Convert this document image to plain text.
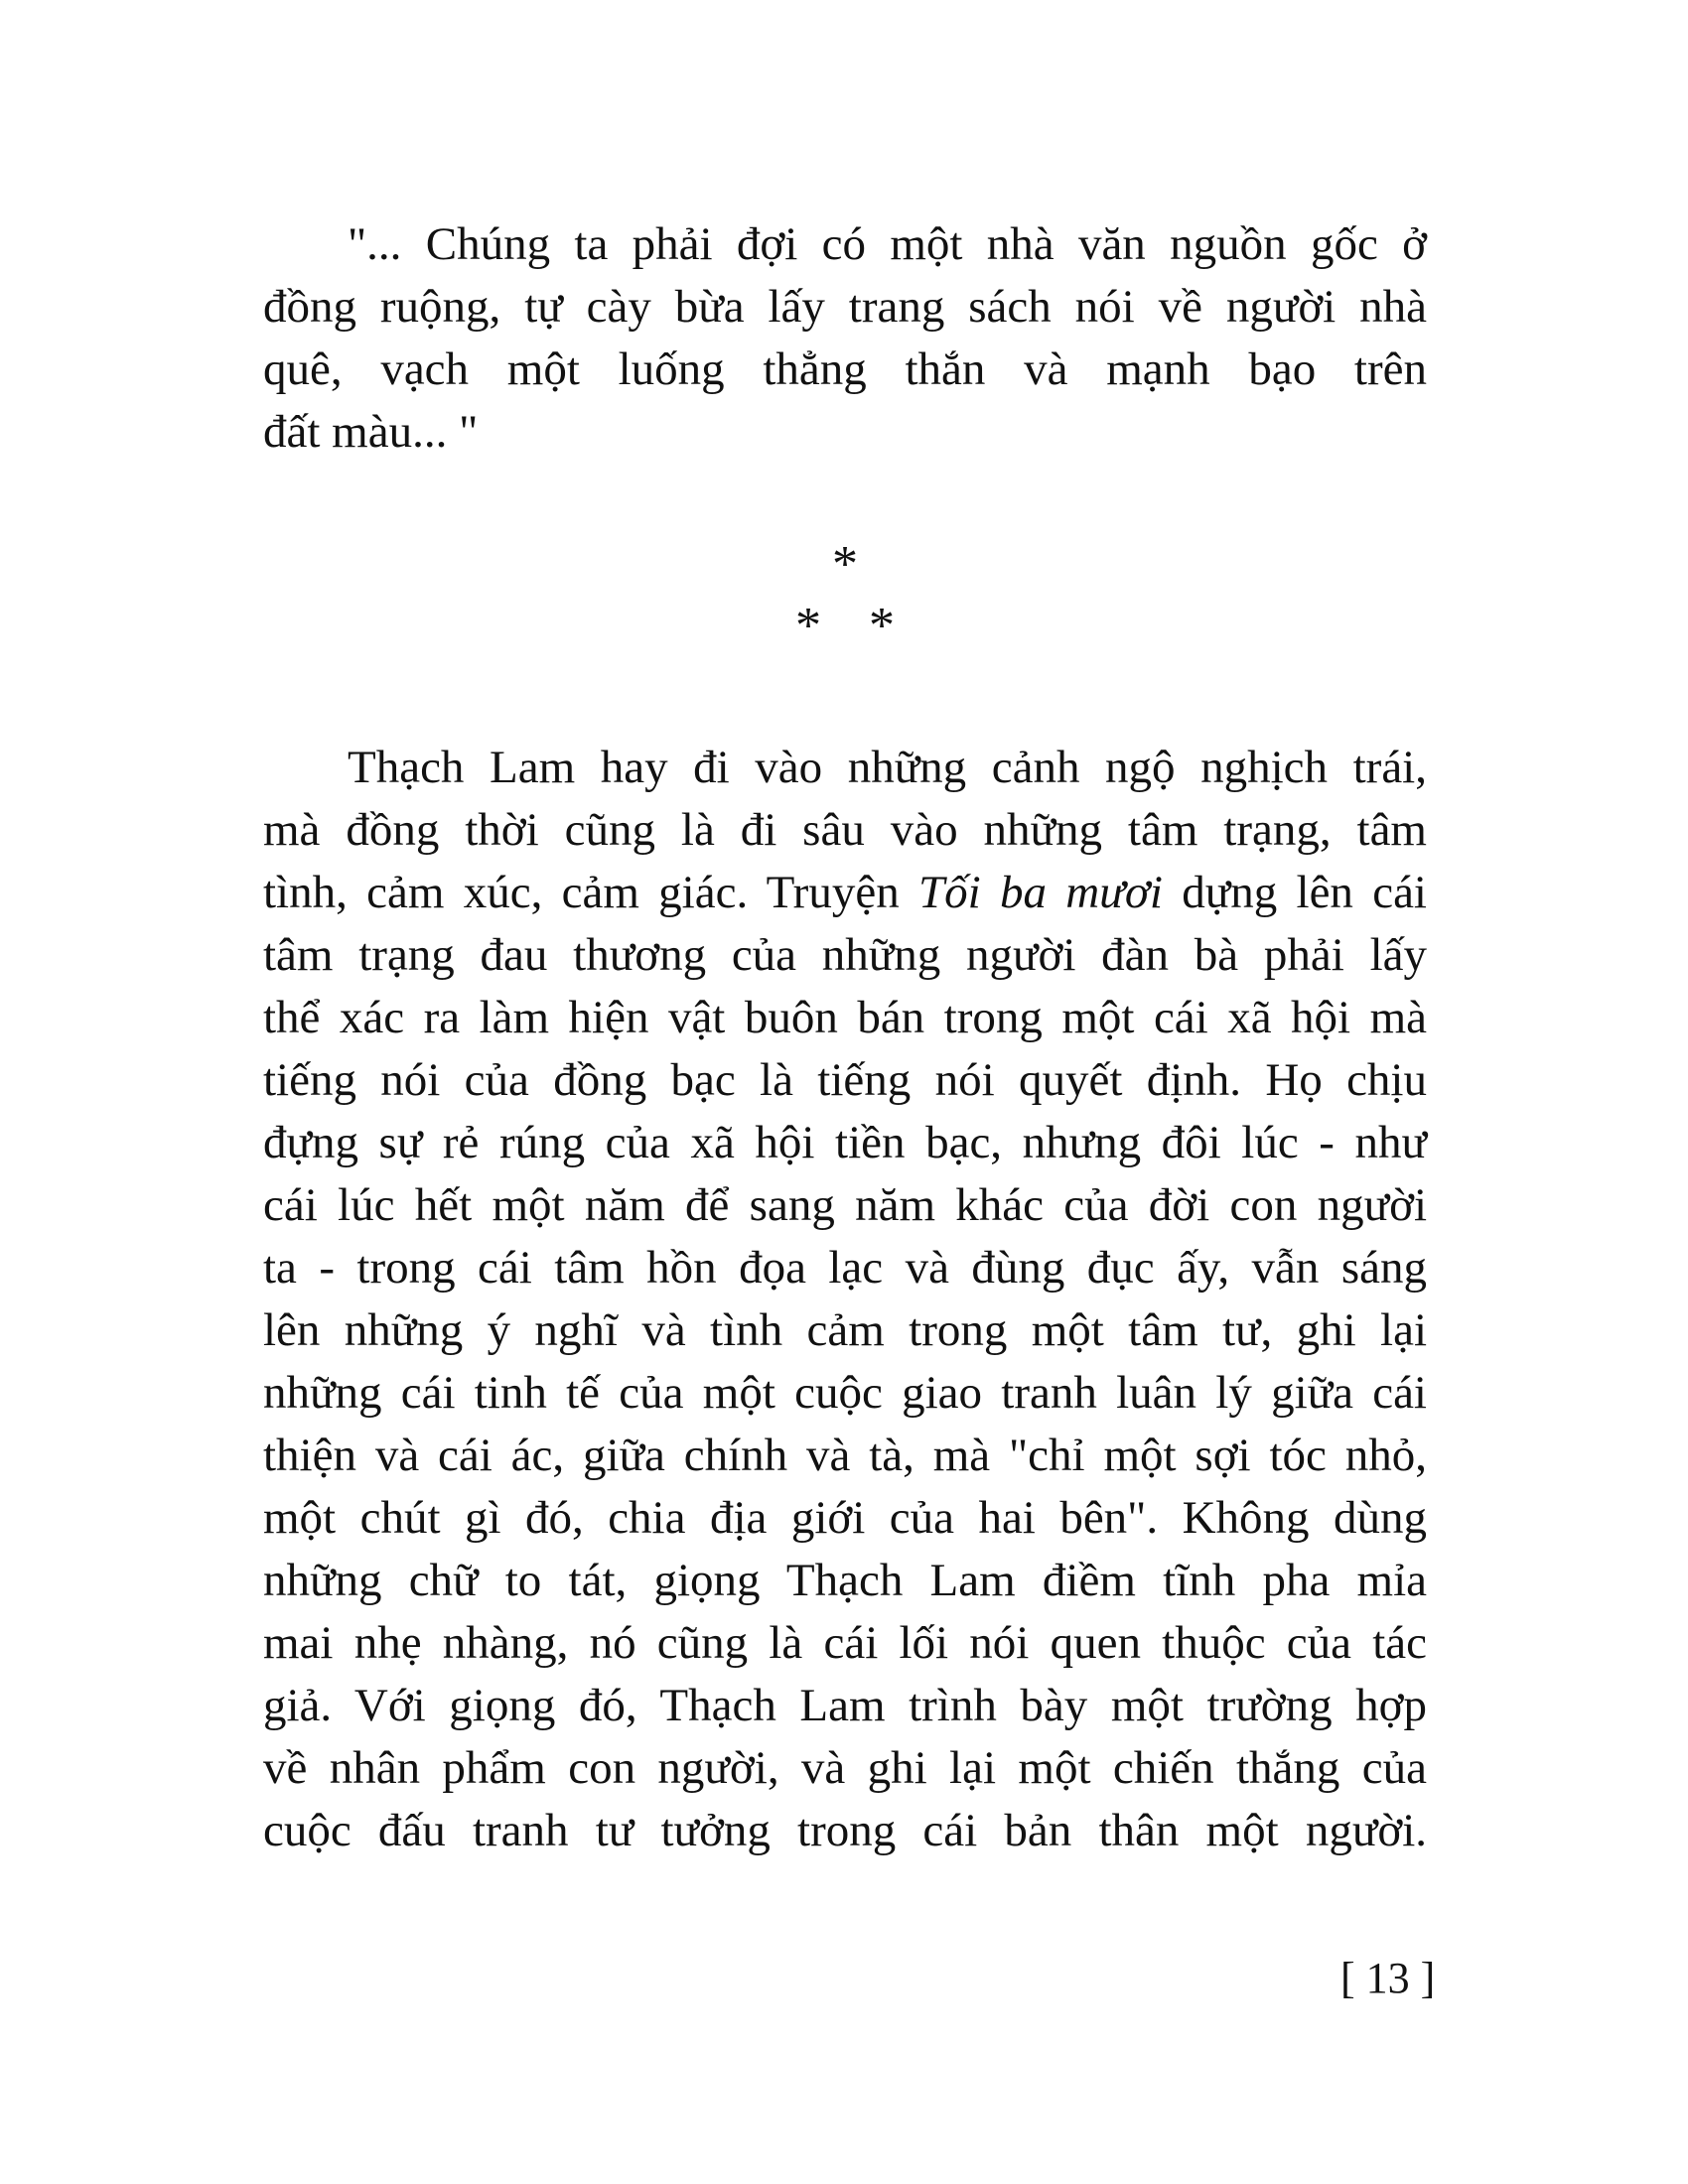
"... Chúng ta phải đợi có một nhà văn nguồn gốc ở
đồng ruộng, tự cày bừa lấy trang sách nói về người nhà
quê, vạch một luống thẳng thắn và mạnh bạo trên
đất màu... "
*
* *
Thạch Lam hay đi vào những cảnh ngộ nghịch trái,
mà đồng thời cũng là đi sâu vào những tâm trạng, tâm
tình, cảm xúc, cảm giác. Truyện Tối ba mươi dựng lên cái
tâm trạng đau thương của những người đàn bà phải lấy
thể xác ra làm hiện vật buôn bán trong một cái xã hội mà
tiếng nói của đồng bạc là tiếng nói quyết định. Họ chịu
đựng sự rẻ rúng của xã hội tiền bạc, nhưng đôi lúc - như
cái lúc hết một năm để sang năm khác của đời con người
ta - trong cái tâm hồn đọa lạc và đùng đục ấy, vẫn sáng
lên những ý nghĩ và tình cảm trong một tâm tư, ghi lại
những cái tinh tế của một cuộc giao tranh luân lý giữa cái
thiện và cái ác, giữa chính và tà, mà "chỉ một sợi tóc nhỏ,
một chút gì đó, chia địa giới của hai bên". Không dùng
những chữ to tát, giọng Thạch Lam điềm tĩnh pha mỉa
mai nhẹ nhàng, nó cũng là cái lối nói quen thuộc của tác
giả. Với giọng đó, Thạch Lam trình bày một trường hợp
về nhân phẩm con người, và ghi lại một chiến thắng của
cuộc đấu tranh tư tưởng trong cái bản thân một người.
[ 13 ]
